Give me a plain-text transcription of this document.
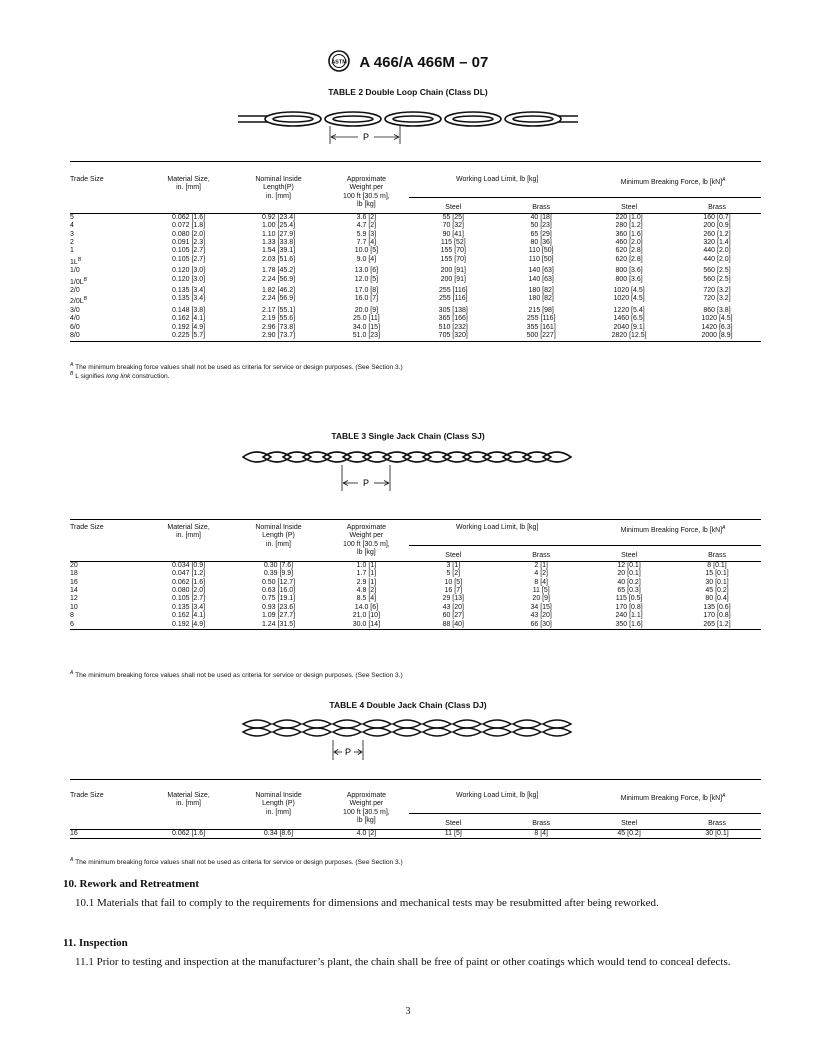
ASTM A 466/A 466M – 07
TABLE 2 Double Loop Chain (Class DL)
P
Trade Size	Material Size,
in. [mm]	Nominal Inside
Length(P)
in. [mm]	Approximate
Weight per
100 ft [30.5 m],
lb [kg]	Working Load Limit, lb [kg]		Minimum Breaking Force, lb [kN]$^A$
				Steel	Brass	Steel	Brass
5	0.062 [1.6]	0.92 [23.4]	3.6 [2]	55 [25]	40 [18]	220 [1.0]	160 [0.7]
4	0.072 [1.8]	1.00 [25.4]	4.7 [2]	70 [32]	50 [23]	280 [1.2]	200 [0.9]
3	0.080 [2.0]	1.10 [27.9]	5.9 [3]	90 [41]	65 [29]	360 [1.6]	260 [1.2]
2	0.091 [2.3]	1.33 [33.8]	7.7 [4]	115 [52]	80 [36]	460 [2.0]	320 [1.4]
1	0.105 [2.7]	1.54 [39.1]	10.0 [5]	155 [70]	110 [50]	620 [2.8]	440 [2.0]
$1L^B$	0.105 [2.7]	2.03 [51.6]	9.0 [4]	155 [70]	110 [50]	620 [2.8]	440 [2.0]
1/0	0.120 [3.0]	1.78 [45.2]	13.0 [6]	200 [91]	140 [63]	800 [3.6]	560 [2.5]
$1/0L^B$	0.120 [3.0]	2.24 [56.9]	12.0 [5]	200 [91]	140 [63]	800 [3.6]	560 [2.5]
2/0	0.135 [3.4]	1.82 [46.2]	17.0 [8]	255 [116]	180 [82]	1020 [4.5]	720 [3.2]
$2/0L^B$	0.135 [3.4]	2.24 [56.9]	16.0 [7]	255 [116]	180 [82]	1020 [4.5]	720 [3.2]
3/0	0.148 [3.8]	2.17 [55.1]	20.0 [9]	305 [138]	215 [98]	1220 [5.4]	860 [3.8]
4/0	0.162 [4.1]	2.19 [55.6]	25.0 [11]	365 [166]	255 [116]	1460 [6.5]	1020 [4.5]
6/0	0.192 [4.9]	2.96 [73.8]	34.0 [15]	510 [232]	355 [161]	2040 [9.1]	1420 [6.3]
8/0	0.225 [5.7]	2.90 [73.7]	51.0 [23]	705 [320]	500 [227]	2820 [12.5]	2000 [8.9]
$^A$ The minimum breaking force values shall not be used as criteria for service or design purposes. (See Section 3.)
$^B$ L signifies long link construction.
TABLE 3 Single Jack Chain (Class SJ)
P
Trade Size	Material Size,
in. [mm]	Nominal Inside
Length (P)
in. [mm]	Approximate
Weight per
100 ft [30.5 m],
lb [kg]	Working Load Limit, lb [kg]		Minimum Breaking Force, lb [kN]$^A$
				Steel	Brass	Steel	Brass
20	0.034 [0.9]	0.30 [7.6]	1.0 [1]	3 [1]	2 [1]	12 [0.1]	8 [0.1]
18	0.047 [1.2]	0.39 [9.9]	1.7 [1]	5 [2]	4 [2]	20 [0.1]	15 [0.1]
16	0.062 [1.6]	0.50 [12.7]	2.9 [1]	10 [5]	8 [4]	40 [0.2]	30 [0.1]
14	0.080 [2.0]	0.63 [16.0]	4.8 [2]	16 [7]	11 [5]	65 [0.3]	45 [0.2]
12	0.105 [2.7]	0.75 [19.1]	8.5 [4]	29 [13]	20 [9]	115 [0.5]	80 [0.4]
10	0.135 [3.4]	0.93 [23.6]	14.0 [6]	43 [20]	34 [15]	170 [0.8]	135 [0.6]
8	0.162 [4.1]	1.09 [27.7]	21.0 [10]	60 [27]	43 [20]	240 [1.1]	170 [0.8]
6	0.192 [4.9]	1.24 [31.5]	30.0 [14]	88 [40]	66 [30]	350 [1.6]	265 [1.2]
$^A$ The minimum breaking force values shall not be used as criteria for service or design purposes. (See Section 3.)
TABLE 4 Double Jack Chain (Class DJ)
P
Trade Size	Material Size,
in. [mm]	Nominal Inside
Length (P)
in. [mm]	Approximate
Weight per
100 ft [30.5 m],
lb [kg]	Working Load Limit, lb [kg]		Minimum Breaking Force, lb [kN]$^A$
				Steel	Brass	Steel	Brass
16	0.062 [1.6]	0.34 [8.6]	4.0 [2]	11 [5]	8 [4]	45 [0.2]	30 [0.1]
$^A$ The minimum breaking force values shall not be used as criteria for service or design purposes. (See Section 3.)
10. Rework and Retreatment
10.1 Materials that fail to comply to the requirements for dimensions and mechanical tests may be resubmitted after being reworked.
11. Inspection
11.1 Prior to testing and inspection at the manufacturer’s plant, the chain shall be free of paint or other coatings which would tend to conceal defects.
3
